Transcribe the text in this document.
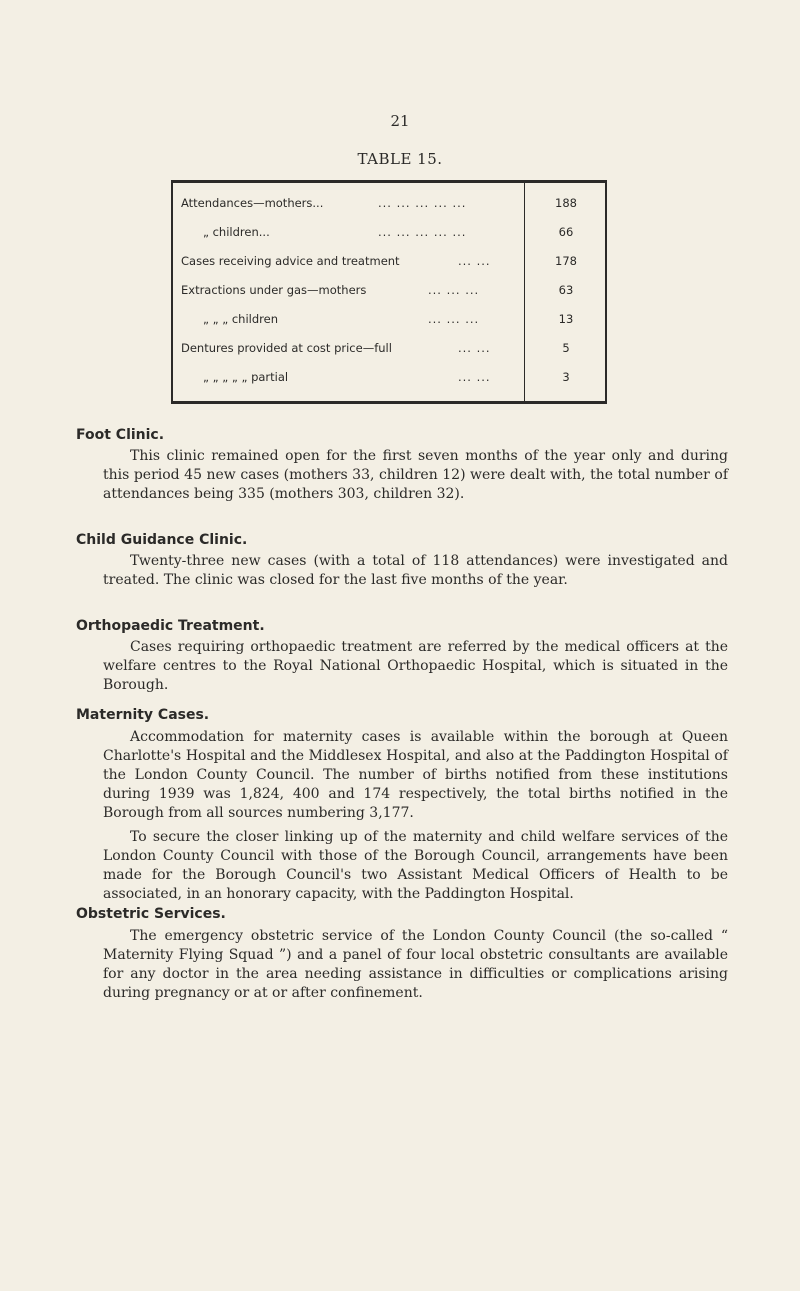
21
TABLE 15.
Attendances—mothers...	... ... ... ... ...	188
„ children...	... ... ... ... ...	66
Cases receiving advice and treatment	... ...	178
Extractions under gas—mothers	... ... ...	63
„ „ „ children	... ... ...	13
Dentures provided at cost price—full	... ...	5
„ „ „ „ „ partial	... ...	3
Foot Clinic.

This clinic remained open for the first seven months of the year only and during this period 45 new cases (mothers 33, children 12) were dealt with, the total number of attendances being 335 (mothers 303, children 32).

Child Guidance Clinic.

Twenty-three new cases (with a total of 118 attendances) were investigated and treated. The clinic was closed for the last five months of the year.

Orthopaedic Treatment.

Cases requiring orthopaedic treatment are referred by the medical officers at the welfare centres to the Royal National Orthopaedic Hospital, which is situated in the Borough.

Maternity Cases.

Accommodation for maternity cases is available within the borough at Queen Charlotte's Hospital and the Middlesex Hospital, and also at the Paddington Hospital of the London County Council. The number of births notified from these institutions during 1939 was 1,824, 400 and 174 respectively, the total births notified in the Borough from all sources numbering 3,177.

To secure the closer linking up of the maternity and child welfare services of the London County Council with those of the Borough Council, arrangements have been made for the Borough Council's two Assistant Medical Officers of Health to be associated, in an honorary capacity, with the Paddington Hospital.

Obstetric Services.

The emergency obstetric service of the London County Council (the so-called “ Maternity Flying Squad ”) and a panel of four local obstetric consultants are available for any doctor in the area needing assistance in difficulties or complications arising during pregnancy or at or after confinement.
